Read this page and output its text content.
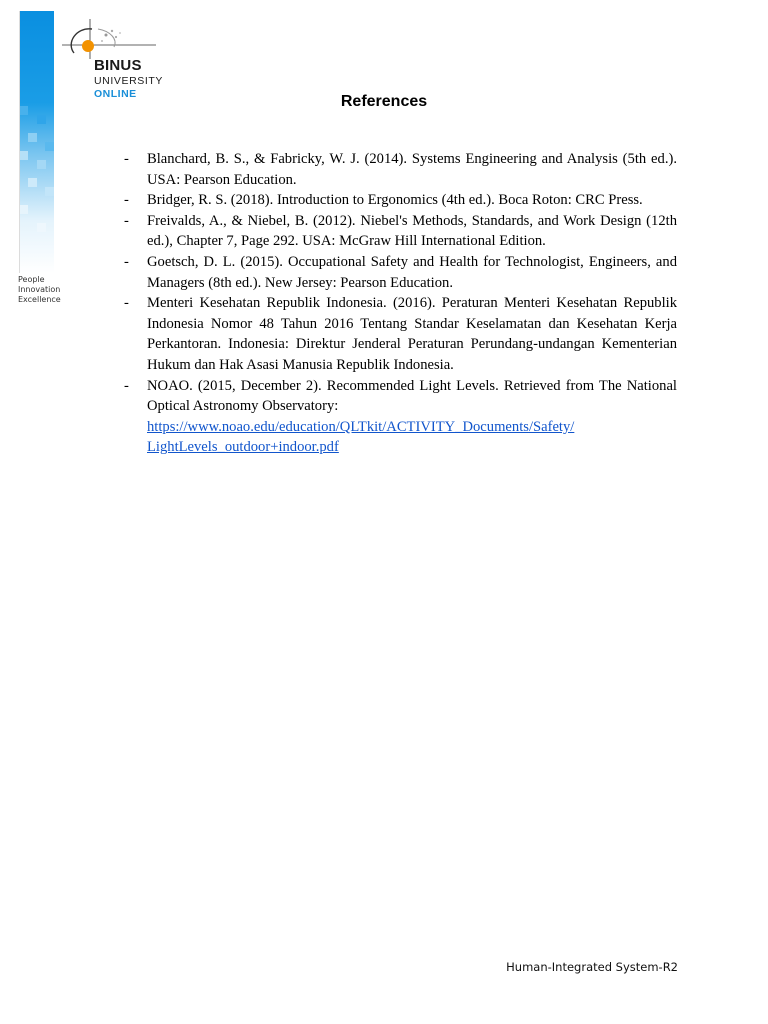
People
Innovation
Excellence
BINUS
UNIVERSITY
ONLINE	References
- Blanchard, B. S., & Fabricky, W. J. (2014). Systems Engineering and Analysis (5th ed.). USA: Pearson Education.
- Bridger, R. S. (2018). Introduction to Ergonomics (4th ed.). Boca Roton: CRC Press.
- Freivalds, A., & Niebel, B. (2012). Niebel's Methods, Standards, and Work Design (12th ed.), Chapter 7, Page 292. USA: McGraw Hill International Edition.
- Goetsch, D. L. (2015). Occupational Safety and Health for Technologist, Engineers, and Managers (8th ed.). New Jersey: Pearson Education.
- Menteri Kesehatan Republik Indonesia. (2016). Peraturan Menteri Kesehatan Republik Indonesia Nomor 48 Tahun 2016 Tentang Standar Keselamatan dan Kesehatan Kerja Perkantoran. Indonesia: Direktur Jenderal Peraturan Perundang-undangan Kementerian Hukum dan Hak Asasi Manusia Republik Indonesia.
- NOAO. (2015, December 2). Recommended Light Levels. Retrieved from The National Optical Astronomy Observatory:
https://www.noao.edu/education/QLTkit/ACTIVITY_Documents/Safety/
LightLevels_outdoor+indoor.pdf
Human-Integrated System-R2
